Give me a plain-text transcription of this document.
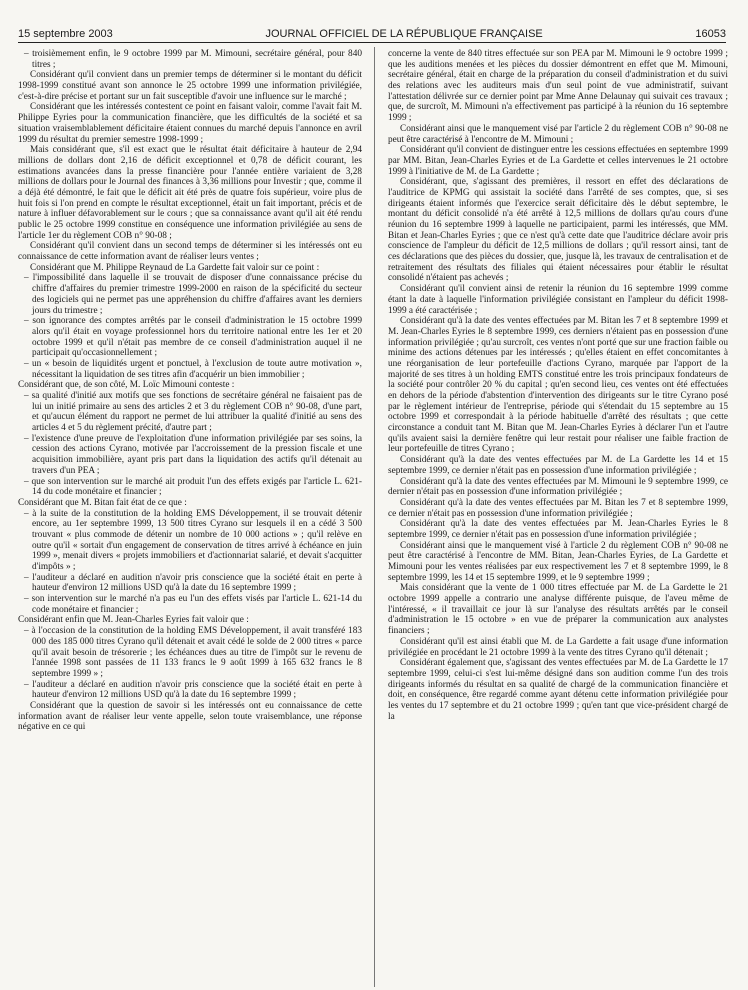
15 septembre 2003	JOURNAL OFFICIEL DE LA RÉPUBLIQUE FRANÇAISE	16053

– troisièmement enfin, le 9 octobre 1999 par M. Mimouni, secrétaire général, pour 840 titres ;

Considérant qu'il convient dans un premier temps de déterminer si le montant du déficit 1998-1999 constitué avant son annonce le 25 octobre 1999 une information privilégiée, c'est-à-dire précise et portant sur un fait susceptible d'avoir une influence sur le marché ;

Considérant que les intéressés contestent ce point en faisant valoir, comme l'avait fait M. Philippe Eyries pour la communication financière, que les difficultés de la société et sa situation vraisemblablement déficitaire étaient connues du marché depuis l'annonce en avril 1999 du résultat du premier semestre 1998-1999 ;

Mais considérant que, s'il est exact que le résultat était déficitaire à hauteur de 2,94 millions de dollars dont 2,16 de déficit exceptionnel et 0,78 de déficit courant, les estimations avancées dans la presse financière pour l'année entière variaient de 3,28 millions de dollars pour le Journal des finances à 3,36 millions pour Investir ; que, comme il a déjà été démontré, le fait que le déficit ait été près de quatre fois supérieur, voire plus de huit fois si l'on prend en compte le résultat exceptionnel, était un fait important, précis et de nature à influer défavorablement sur le cours ; que sa connaissance avant qu'il ait été rendu public le 25 octobre 1999 constitue en conséquence une information privilégiée au sens de l'article 1er du règlement COB n° 90-08 ;

Considérant qu'il convient dans un second temps de déterminer si les intéressés ont eu connaissance de cette information avant de réaliser leurs ventes ;

Considérant que M. Philippe Reynaud de La Gardette fait valoir sur ce point :

– l'impossibilité dans laquelle il se trouvait de disposer d'une connaissance précise du chiffre d'affaires du premier trimestre 1999-2000 en raison de la spécificité du secteur des logiciels qui ne permet pas une appréhension du chiffre d'affaires avant les derniers jours du trimestre ;

– son ignorance des comptes arrêtés par le conseil d'administration le 15 octobre 1999 alors qu'il était en voyage professionnel hors du territoire national entre les 1er et 20 octobre 1999 et qu'il n'était pas membre de ce conseil d'administration auquel il ne participait qu'occasionnellement ;

– un « besoin de liquidités urgent et ponctuel, à l'exclusion de toute autre motivation », nécessitant la liquidation de ses titres afin d'acquérir un bien immobilier ;

Considérant que, de son côté, M. Loïc Mimouni conteste :

– sa qualité d'initié aux motifs que ses fonctions de secrétaire général ne faisaient pas de lui un initié primaire au sens des articles 2 et 3 du règlement COB n° 90-08, d'une part, et qu'aucun élément du rapport ne permet de lui attribuer la qualité d'initié au sens des articles 4 et 5 du règlement précité, d'autre part ;

– l'existence d'une preuve de l'exploitation d'une information privilégiée par ses soins, la cession des actions Cyrano, motivée par l'accroissement de la pression fiscale et une acquisition immobilière, ayant pris part dans la liquidation des actifs qu'il détenait au travers d'un PEA ;

– que son intervention sur le marché ait produit l'un des effets exigés par l'article L. 621-14 du code monétaire et financier ;

Considérant que M. Bitan fait état de ce que :

– à la suite de la constitution de la holding EMS Développement, il se trouvait détenir encore, au 1er septembre 1999, 13 500 titres Cyrano sur lesquels il en a cédé 3 500 trouvant « plus commode de détenir un nombre de 10 000 actions » ; qu'il relève en outre qu'il « sortait d'un engagement de conservation de titres arrivé à échéance en juin 1999 », menait divers « projets immobiliers et d'actionnariat salarié, et devait s'acquitter d'impôts » ;

– l'auditeur a déclaré en audition n'avoir pris conscience que la société était en perte à hauteur d'environ 12 millions USD qu'à la date du 16 septembre 1999 ;

– son intervention sur le marché n'a pas eu l'un des effets visés par l'article L. 621-14 du code monétaire et financier ;

Considérant enfin que M. Jean-Charles Eyries fait valoir que :

– à l'occasion de la constitution de la holding EMS Développement, il avait transféré 183 000 des 185 000 titres Cyrano qu'il détenait et avait cédé le solde de 2 000 titres « parce qu'il avait besoin de trésorerie ; les échéances dues au titre de l'impôt sur le revenu de l'année 1998 sont passées de 11 133 francs le 9 août 1999 à 165 632 francs le 8 septembre 1999 » ;

– l'auditeur a déclaré en audition n'avoir pris conscience que la société était en perte à hauteur d'environ 12 millions USD qu'à la date du 16 septembre 1999 ;

Considérant que la question de savoir si les intéressés ont eu connaissance de cette information avant de réaliser leur vente appelle, selon toute vraisemblance, une réponse négative en ce qui

concerne la vente de 840 titres effectuée sur son PEA par M. Mimouni le 9 octobre 1999 ; que les auditions menées et les pièces du dossier démontrent en effet que M. Mimouni, secrétaire général, était en charge de la préparation du conseil d'administration et du suivi des relations avec les auditeurs mais d'un seul point de vue administratif, suivant l'attestation délivrée sur ce dernier point par Mme Anne Delaunay qui suivait ces travaux ; que, de surcroît, M. Mimouni n'a effectivement pas participé à la réunion du 16 septembre 1999 ;

Considérant ainsi que le manquement visé par l'article 2 du règlement COB n° 90-08 ne peut être caractérisé à l'encontre de M. Mimouni ;

Considérant qu'il convient de distinguer entre les cessions effectuées en septembre 1999 par MM. Bitan, Jean-Charles Eyries et de La Gardette et celles intervenues le 21 octobre 1999 à l'initiative de M. de La Gardette ;

Considérant, que, s'agissant des premières, il ressort en effet des déclarations de l'auditrice de KPMG qui assistait la société dans l'arrêté de ses comptes, que, si ses dirigeants étaient informés que l'exercice serait déficitaire dès le début septembre, le montant du déficit consolidé n'a été arrêté à 12,5 millions de dollars qu'au cours d'une réunion du 16 septembre 1999 à laquelle ne participaient, parmi les intéressés, que MM. Bitan et Jean-Charles Eyries ; que ce n'est qu'à cette date que l'auditrice déclare avoir pris conscience de l'ampleur du déficit de 12,5 millions de dollars ; qu'il ressort ainsi, tant de ces déclarations que des pièces du dossier, que, jusque là, les travaux de centralisation et de retraitement des résultats des filiales qui étaient nécessaires pour établir le résultat consolidé n'étaient pas achevés ;

Considérant qu'il convient ainsi de retenir la réunion du 16 septembre 1999 comme étant la date à laquelle l'information privilégiée consistant en l'ampleur du déficit 1998-1999 a été caractérisée ;

Considérant qu'à la date des ventes effectuées par M. Bitan les 7 et 8 septembre 1999 et M. Jean-Charles Eyries le 8 septembre 1999, ces derniers n'étaient pas en possession d'une information privilégiée ; qu'au surcroît, ces ventes n'ont porté que sur une fraction faible ou minime des actions détenues par les intéressés ; qu'elles étaient en effet concomitantes à une réorganisation de leur portefeuille d'actions Cyrano, marquée par l'apport de la majorité de ses titres à un holding EMTS constitué entre les trois principaux fondateurs de la société pour contrôler 20 % du capital ; qu'en second lieu, ces ventes ont été effectuées en dehors de la période d'abstention d'intervention des dirigeants sur le titre Cyrano posé par le règlement intérieur de l'entreprise, période qui s'étendait du 15 septembre au 15 octobre 1999 et correspondait à la période habituelle d'arrêté des résultats ; que cette circonstance a conduit tant M. Bitan que M. Jean-Charles Eyries à déclarer l'un et l'autre qu'ils avaient saisi la dernière fenêtre qui leur restait pour réaliser une faible fraction de leur portefeuille de titres Cyrano ;

Considérant qu'à la date des ventes effectuées par M. de La Gardette les 14 et 15 septembre 1999, ce dernier n'était pas en possession d'une information privilégiée ;

Considérant qu'à la date des ventes effectuées par M. Mimouni le 9 septembre 1999, ce dernier n'était pas en possession d'une information privilégiée ;

Considérant qu'à la date des ventes effectuées par M. Bitan les 7 et 8 septembre 1999, ce dernier n'était pas en possession d'une information privilégiée ;

Considérant qu'à la date des ventes effectuées par M. Jean-Charles Eyries le 8 septembre 1999, ce dernier n'était pas en possession d'une information privilégiée ;

Considérant ainsi que le manquement visé à l'article 2 du règlement COB n° 90-08 ne peut être caractérisé à l'encontre de MM. Bitan, Jean-Charles Eyries, de La Gardette et Mimouni pour les ventes réalisées par eux respectivement les 7 et 8 septembre 1999, le 8 septembre 1999, les 14 et 15 septembre 1999, et le 9 septembre 1999 ;

Mais considérant que la vente de 1 000 titres effectuée par M. de La Gardette le 21 octobre 1999 appelle a contrario une analyse différente puisque, de l'aveu même de l'intéressé, « il travaillait ce jour là sur l'analyse des résultats arrêtés par le conseil d'administration le 15 octobre » en vue de préparer la communication aux analystes financiers ;

Considérant qu'il est ainsi établi que M. de La Gardette a fait usage d'une information privilégiée en procédant le 21 octobre 1999 à la vente des titres Cyrano qu'il détenait ;

Considérant également que, s'agissant des ventes effectuées par M. de La Gardette le 17 septembre 1999, celui-ci s'est lui-même désigné dans son audition comme l'un des trois dirigeants informés du résultat en sa qualité de chargé de la communication financière et doit, en conséquence, être regardé comme ayant détenu cette information privilégiée pour les ventes du 17 septembre et du 21 octobre 1999 ; qu'en tant que vice-président chargé de la
